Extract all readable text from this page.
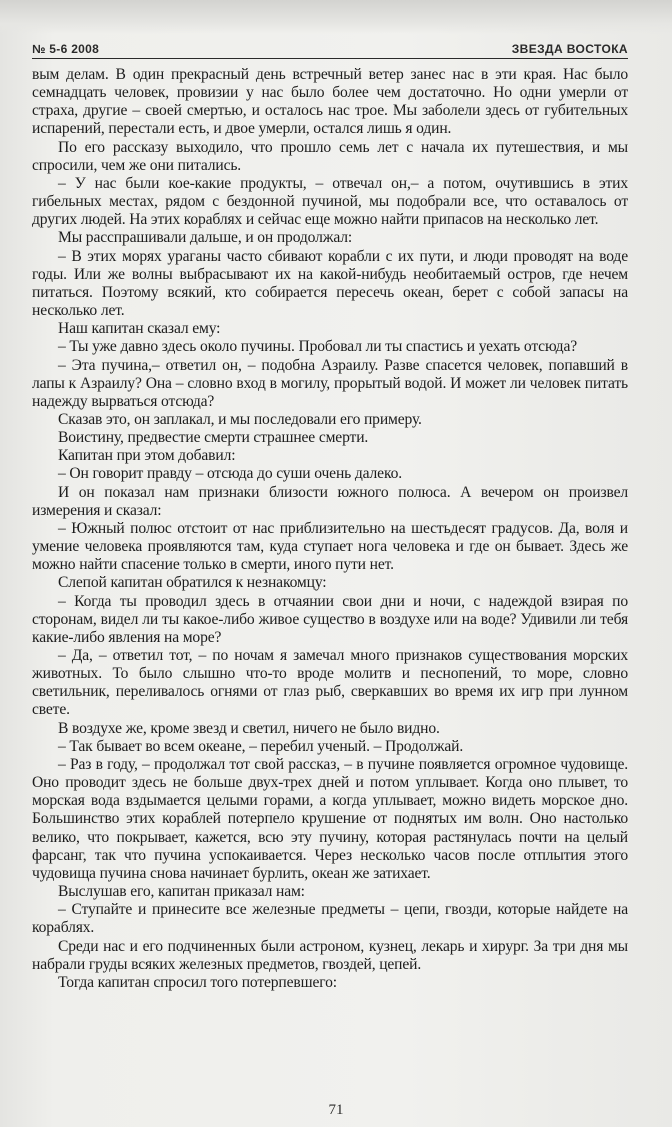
№ 5-6 2008	ЗВЕЗДА ВОСТОКА

вым делам. В один прекрасный день встречный ветер занес нас в эти края. Нас было семнадцать человек, провизии у нас было более чем достаточно. Но одни умерли от страха, другие – своей смертью, и осталось нас трое. Мы заболели здесь от губительных испарений, перестали есть, и двое умерли, остался лишь я один.

По его рассказу выходило, что прошло семь лет с начала их путешествия, и мы спросили, чем же они питались.

– У нас были кое-какие продукты, – отвечал он,– а потом, очутившись в этих гибельных местах, рядом с бездонной пучиной, мы подобрали все, что оставалось от других людей. На этих кораблях и сейчас еще можно найти припасов на несколько лет.

Мы расспрашивали дальше, и он продолжал:

– В этих морях ураганы часто сбивают корабли с их пути, и люди проводят на воде годы. Или же волны выбрасывают их на какой-нибудь необитаемый остров, где нечем питаться. Поэтому всякий, кто собирается пересечь океан, берет с собой запасы на несколько лет.

Наш капитан сказал ему:

– Ты уже давно здесь около пучины. Пробовал ли ты спастись и уехать отсюда?

– Эта пучина,– ответил он, – подобна Азраилу. Разве спасется человек, попавший в лапы к Азраилу? Она – словно вход в могилу, прорытый водой. И может ли человек питать надежду вырваться отсюда?

Сказав это, он заплакал, и мы последовали его примеру.

Воистину, предвестие смерти страшнее смерти.

Капитан при этом добавил:

– Он говорит правду – отсюда до суши очень далеко.

И он показал нам признаки близости южного полюса. А вечером он произвел измерения и сказал:

– Южный полюс отстоит от нас приблизительно на шестьдесят градусов. Да, воля и умение человека проявляются там, куда ступает нога человека и где он бывает. Здесь же можно найти спасение только в смерти, иного пути нет.

Слепой капитан обратился к незнакомцу:

– Когда ты проводил здесь в отчаянии свои дни и ночи, с надеждой взирая по сторонам, видел ли ты какое-либо живое существо в воздухе или на воде? Удивили ли тебя какие-либо явления на море?

– Да, – ответил тот, – по ночам я замечал много признаков существования морских животных. То было слышно что-то вроде молитв и песнопений, то море, словно светильник, переливалось огнями от глаз рыб, сверкавших во время их игр при лунном свете.

В воздухе же, кроме звезд и светил, ничего не было видно.

– Так бывает во всем океане, – перебил ученый. – Продолжай.

– Раз в году, – продолжал тот свой рассказ, – в пучине появляется огромное чудовище. Оно проводит здесь не больше двух-трех дней и потом уплывает. Когда оно плывет, то морская вода вздымается целыми горами, а когда уплывает, можно видеть морское дно. Большинство этих кораблей потерпело крушение от поднятых им волн. Оно настолько велико, что покрывает, кажется, всю эту пучину, которая растянулась почти на целый фарсанг, так что пучина успокаивается. Через несколько часов после отплытия этого чудовища пучина снова начинает бурлить, океан же затихает.

Выслушав его, капитан приказал нам:

– Ступайте и принесите все железные предметы – цепи, гвозди, которые найдете на кораблях.

Среди нас и его подчиненных были астроном, кузнец, лекарь и хирург. За три дня мы набрали груды всяких железных предметов, гвоздей, цепей.

Тогда капитан спросил того потерпевшего:

71
